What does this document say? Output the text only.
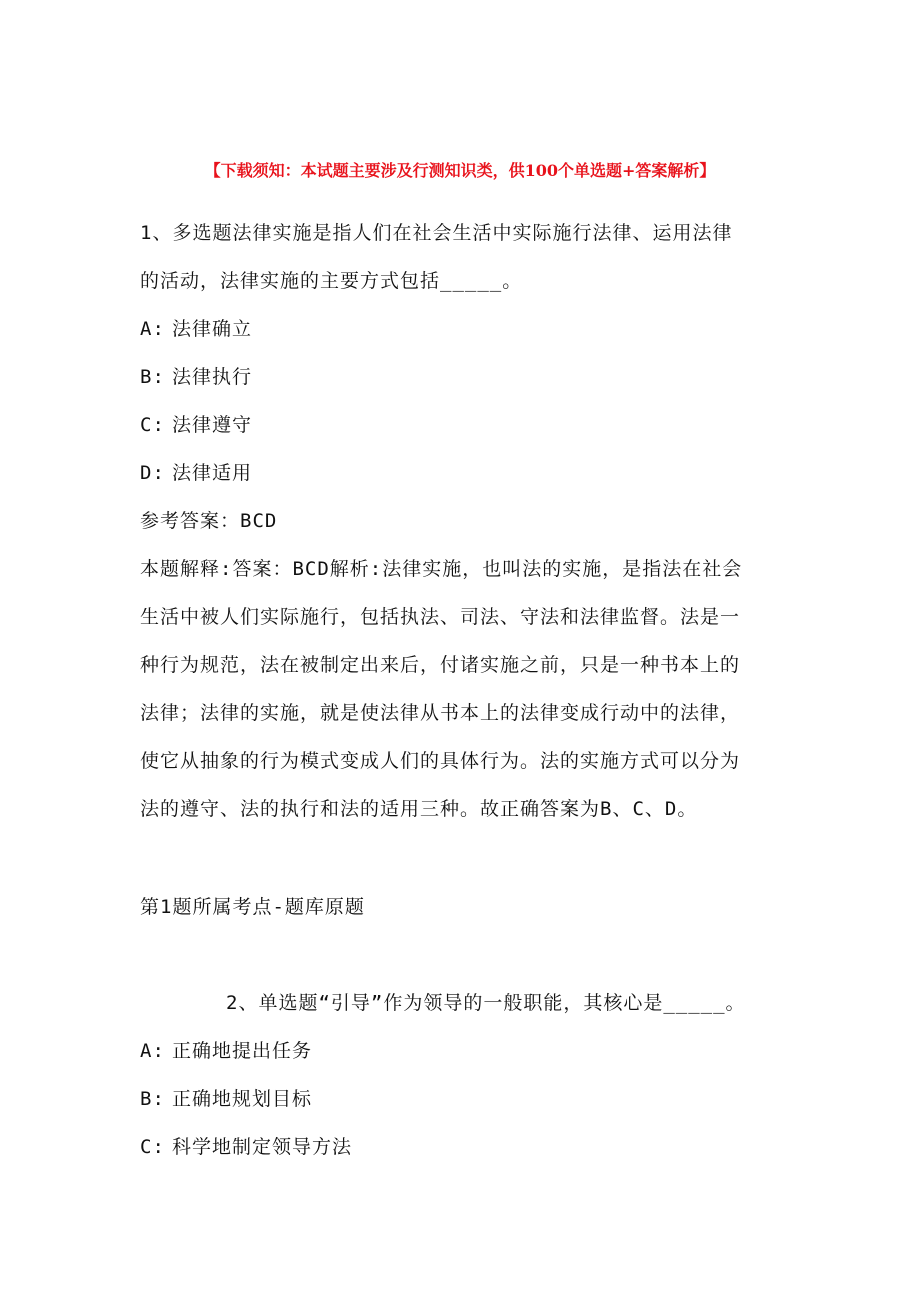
【下载须知：本试题主要涉及行测知识类，供100个单选题+答案解析】
1、多选题法律实施是指人们在社会生活中实际施行法律、运用法律
的活动，法律实施的主要方式包括_____。
A: 法律确立
B: 法律执行
C: 法律遵守
D: 法律适用
参考答案：BCD
本题解释:答案：BCD解析:法律实施，也叫法的实施，是指法在社会
生活中被人们实际施行，包括执法、司法、守法和法律监督。法是一
种行为规范，法在被制定出来后，付诸实施之前，只是一种书本上的
法律；法律的实施，就是使法律从书本上的法律变成行动中的法律，
使它从抽象的行为模式变成人们的具体行为。法的实施方式可以分为
法的遵守、法的执行和法的适用三种。故正确答案为B、C、D。
第1题所属考点-题库原题
2、单选题“引导”作为领导的一般职能，其核心是_____。
A: 正确地提出任务
B: 正确地规划目标
C: 科学地制定领导方法
